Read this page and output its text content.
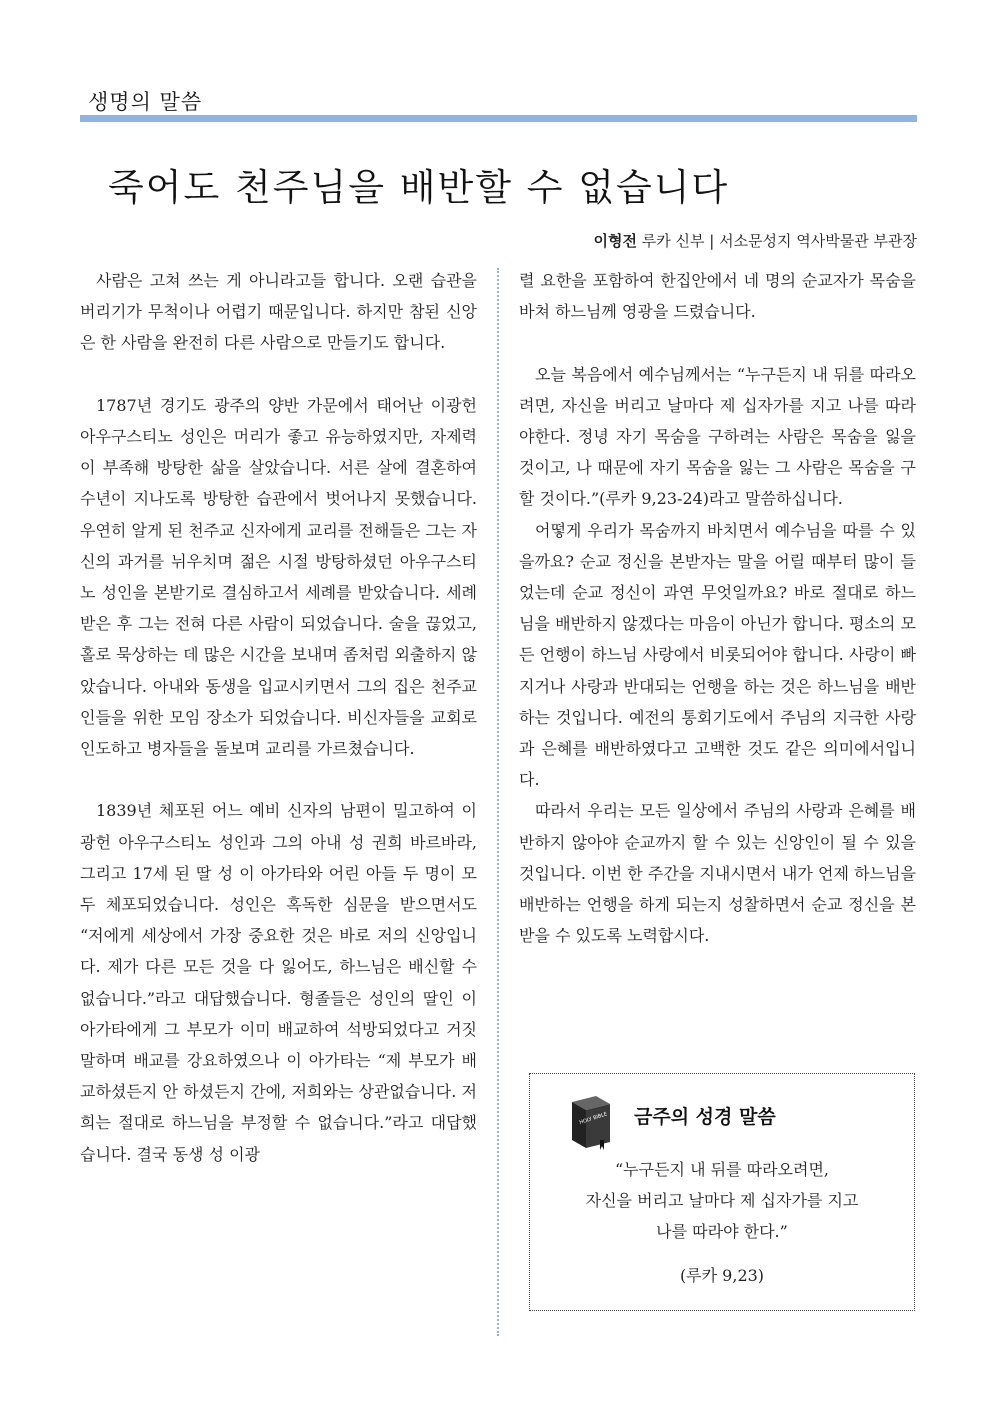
생명의 말씀
죽어도 천주님을 배반할 수 없습니다
이형전 루카 신부 | 서소문성지 역사박물관 부관장

사람은 고쳐 쓰는 게 아니라고들 합니다. 오랜 습관을 버리기가 무척이나 어렵기 때문입니다. 하지만 참된 신앙은 한 사람을 완전히 다른 사람으로 만들기도 합니다.

1787년 경기도 광주의 양반 가문에서 태어난 이광헌 아우구스티노 성인은 머리가 좋고 유능하였지만, 자제력이 부족해 방탕한 삶을 살았습니다. 서른 살에 결혼하여 수년이 지나도록 방탕한 습관에서 벗어나지 못했습니다. 우연히 알게 된 천주교 신자에게 교리를 전해들은 그는 자신의 과거를 뉘우치며 젊은 시절 방탕하셨던 아우구스티노 성인을 본받기로 결심하고서 세례를 받았습니다. 세례 받은 후 그는 전혀 다른 사람이 되었습니다. 술을 끊었고, 홀로 묵상하는 데 많은 시간을 보내며 좀처럼 외출하지 않았습니다. 아내와 동생을 입교시키면서 그의 집은 천주교인들을 위한 모임 장소가 되었습니다. 비신자들을 교회로 인도하고 병자들을 돌보며 교리를 가르쳤습니다.

1839년 체포된 어느 예비 신자의 남편이 밀고하여 이광헌 아우구스티노 성인과 그의 아내 성 권희 바르바라, 그리고 17세 된 딸 성 이 아가타와 어린 아들 두 명이 모두 체포되었습니다. 성인은 혹독한 심문을 받으면서도 “저에게 세상에서 가장 중요한 것은 바로 저의 신앙입니다. 제가 다른 모든 것을 다 잃어도, 하느님은 배신할 수 없습니다.”라고 대답했습니다. 형졸들은 성인의 딸인 이 아가타에게 그 부모가 이미 배교하여 석방되었다고 거짓말하며 배교를 강요하였으나 이 아가타는 “제 부모가 배교하셨든지 안 하셨든지 간에, 저희와는 상관없습니다. 저희는 절대로 하느님을 부정할 수 없습니다.”라고 대답했습니다. 결국 동생 성 이광

렬 요한을 포함하여 한집안에서 네 명의 순교자가 목숨을 바쳐 하느님께 영광을 드렸습니다.

오늘 복음에서 예수님께서는 “누구든지 내 뒤를 따라오려면, 자신을 버리고 날마다 제 십자가를 지고 나를 따라야한다. 정녕 자기 목숨을 구하려는 사람은 목숨을 잃을 것이고, 나 때문에 자기 목숨을 잃는 그 사람은 목숨을 구할 것이다.”(루카 9,23-24)라고 말씀하십니다.

어떻게 우리가 목숨까지 바치면서 예수님을 따를 수 있을까요? 순교 정신을 본받자는 말을 어릴 때부터 많이 들었는데 순교 정신이 과연 무엇일까요? 바로 절대로 하느님을 배반하지 않겠다는 마음이 아닌가 합니다. 평소의 모든 언행이 하느님 사랑에서 비롯되어야 합니다. 사랑이 빠지거나 사랑과 반대되는 언행을 하는 것은 하느님을 배반하는 것입니다. 예전의 통회기도에서 주님의 지극한 사랑과 은혜를 배반하였다고 고백한 것도 같은 의미에서입니다.

따라서 우리는 모든 일상에서 주님의 사랑과 은혜를 배반하지 않아야 순교까지 할 수 있는 신앙인이 될 수 있을 것입니다. 이번 한 주간을 지내시면서 내가 언제 하느님을 배반하는 언행을 하게 되는지 성찰하면서 순교 정신을 본받을 수 있도록 노력합시다.

HOLY BIBLE 금주의 성경 말씀
“누구든지 내 뒤를 따라오려면,
자신을 버리고 날마다 제 십자가를 지고
나를 따라야 한다.”
(루카 9,23)
